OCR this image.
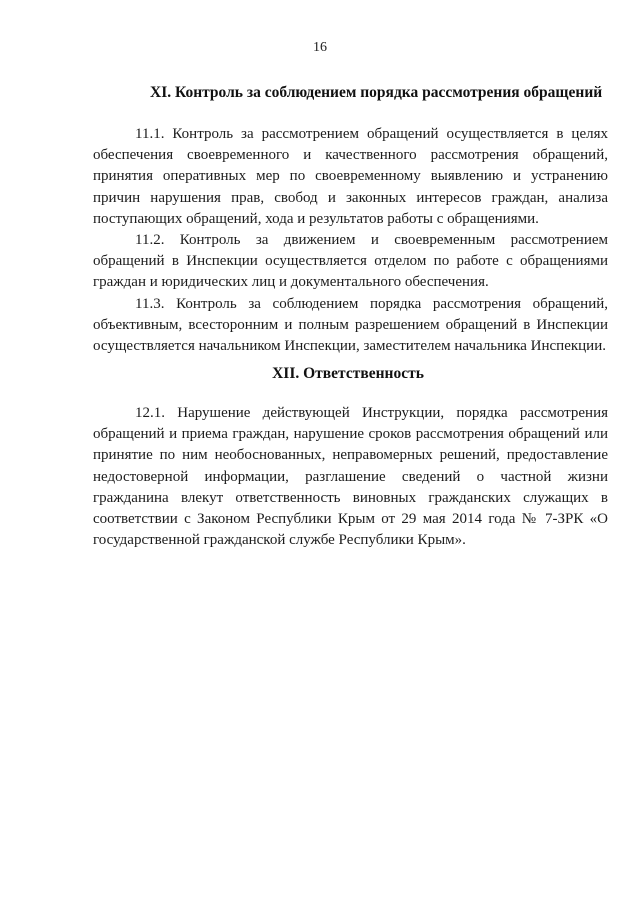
16
XI. Контроль за соблюдением порядка рассмотрения обращений

11.1. Контроль за рассмотрением обращений осуществляется в целях обеспечения своевременного и качественного рассмотрения обращений, принятия оперативных мер по своевременному выявлению и устранению причин нарушения прав, свобод и законных интересов граждан, анализа поступающих обращений, хода и результатов работы с обращениями.

11.2. Контроль за движением и своевременным рассмотрением обращений в Инспекции осуществляется отделом по работе с обращениями граждан и юридических лиц и документального обеспечения.

11.3. Контроль за соблюдением порядка рассмотрения обращений, объективным, всесторонним и полным разрешением обращений в Инспекции осуществляется начальником Инспекции, заместителем начальника Инспекции.

XII. Ответственность

12.1. Нарушение действующей Инструкции, порядка рассмотрения обращений и приема граждан, нарушение сроков рассмотрения обращений или принятие по ним необоснованных, неправомерных решений, предоставление недостоверной информации, разглашение сведений о частной жизни гражданина влекут ответственность виновных гражданских служащих в соответствии с Законом Республики Крым от 29 мая 2014 года № 7-ЗРК «О государственной гражданской службе Республики Крым».
